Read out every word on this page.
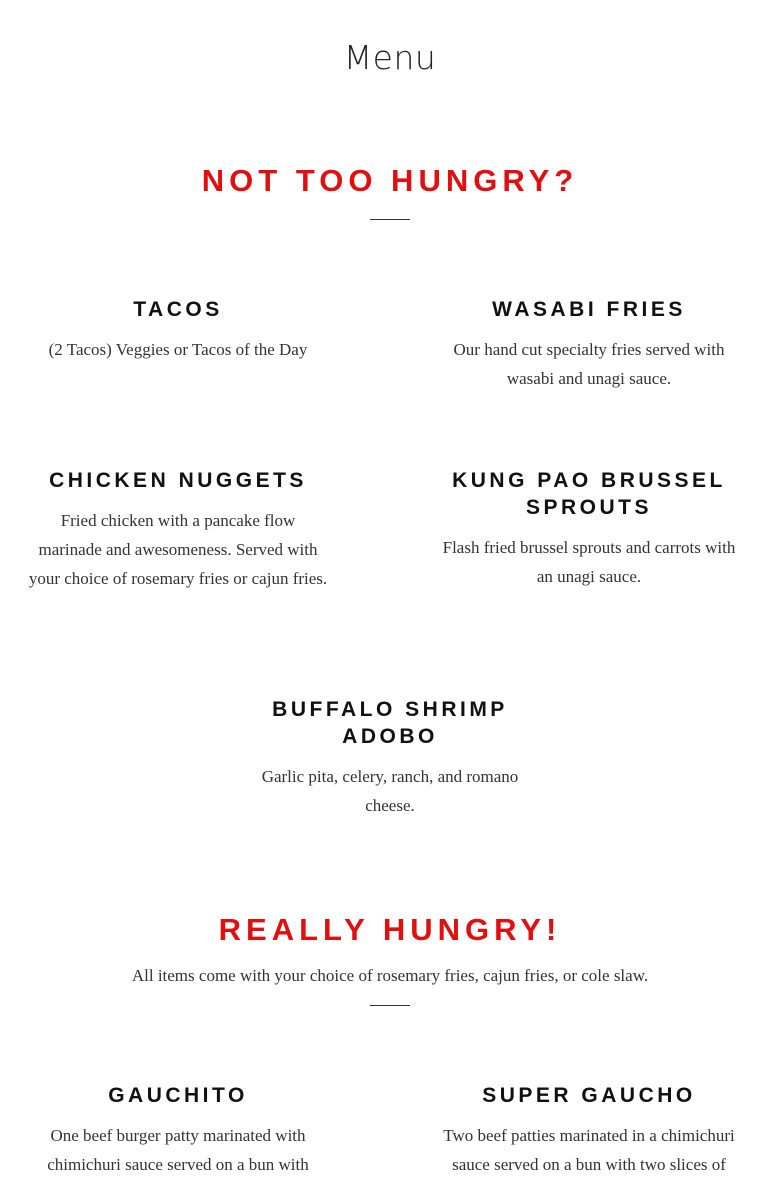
Menu
NOT TOO HUNGRY?
TACOS

(2 Tacos) Veggies or Tacos of the Day

WASABI FRIES

Our hand cut specialty fries served with wasabi and unagi sauce.

CHICKEN NUGGETS

Fried chicken with a pancake flow marinade and awesomeness. Served with your choice of rosemary fries or cajun fries.

KUNG PAO BRUSSEL SPROUTS

Flash fried brussel sprouts and carrots with an unagi sauce.

BUFFALO SHRIMP ADOBO

Garlic pita, celery, ranch, and romano cheese.

REALLY HUNGRY!

All items come with your choice of rosemary fries, cajun fries, or cole slaw.

GAUCHITO

One beef burger patty marinated with chimichuri sauce served on a bun with

SUPER GAUCHO

Two beef patties marinated in a chimichuri sauce served on a bun with two slices of
